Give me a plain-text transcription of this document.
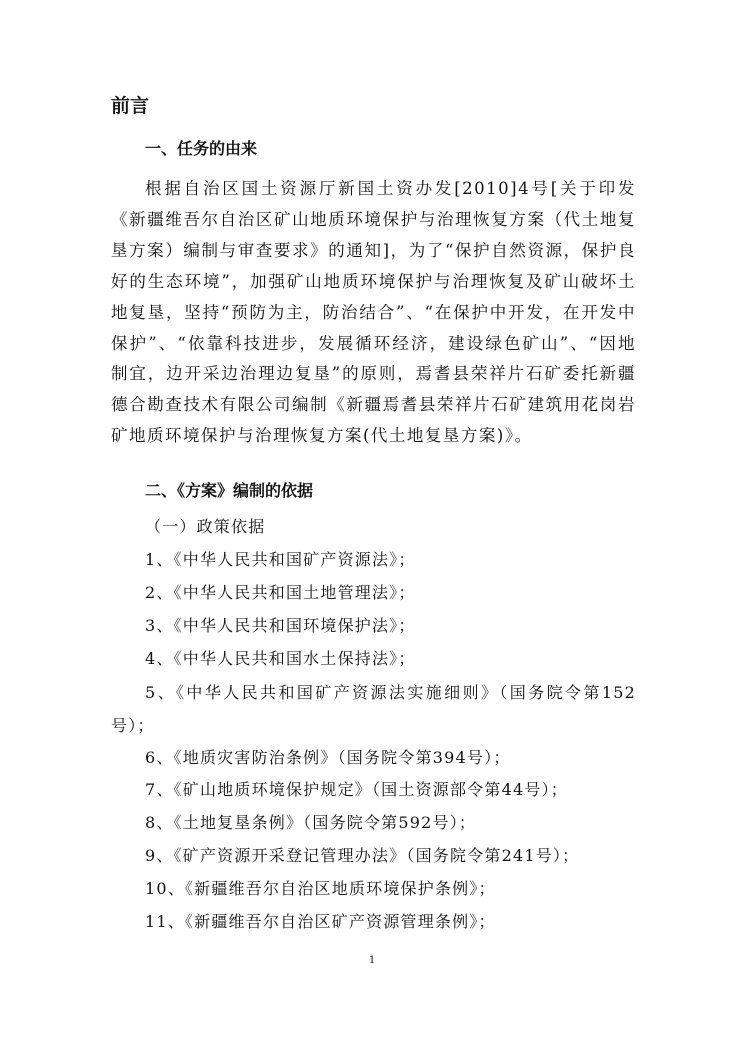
前言
一、任务的由来

根据自治区国土资源厅新国土资办发[2010]4号[关于印发《新疆维吾尔自治区矿山地质环境保护与治理恢复方案（代土地复垦方案）编制与审查要求》的通知]，为了“保护自然资源，保护良好的生态环境”，加强矿山地质环境保护与治理恢复及矿山破坏土地复垦，坚持“预防为主，防治结合”、“在保护中开发，在开发中保护”、“依靠科技进步，发展循环经济，建设绿色矿山”、“因地制宜，边开采边治理边复垦”的原则，焉耆县荣祥片石矿委托新疆德合勘查技术有限公司编制《新疆焉耆县荣祥片石矿建筑用花岗岩矿地质环境保护与治理恢复方案(代土地复垦方案)》。

二、《方案》编制的依据
（一）政策依据
1、《中华人民共和国矿产资源法》；
2、《中华人民共和国土地管理法》；
3、《中华人民共和国环境保护法》；
4、《中华人民共和国水土保持法》；
5、《中华人民共和国矿产资源法实施细则》（国务院令第152号）；
6、《地质灾害防治条例》（国务院令第394号）；
7、《矿山地质环境保护规定》（国土资源部令第44号）；
8、《土地复垦条例》（国务院令第592号）；
9、《矿产资源开采登记管理办法》（国务院令第241号）；
10、《新疆维吾尔自治区地质环境保护条例》；
11、《新疆维吾尔自治区矿产资源管理条例》；

1
